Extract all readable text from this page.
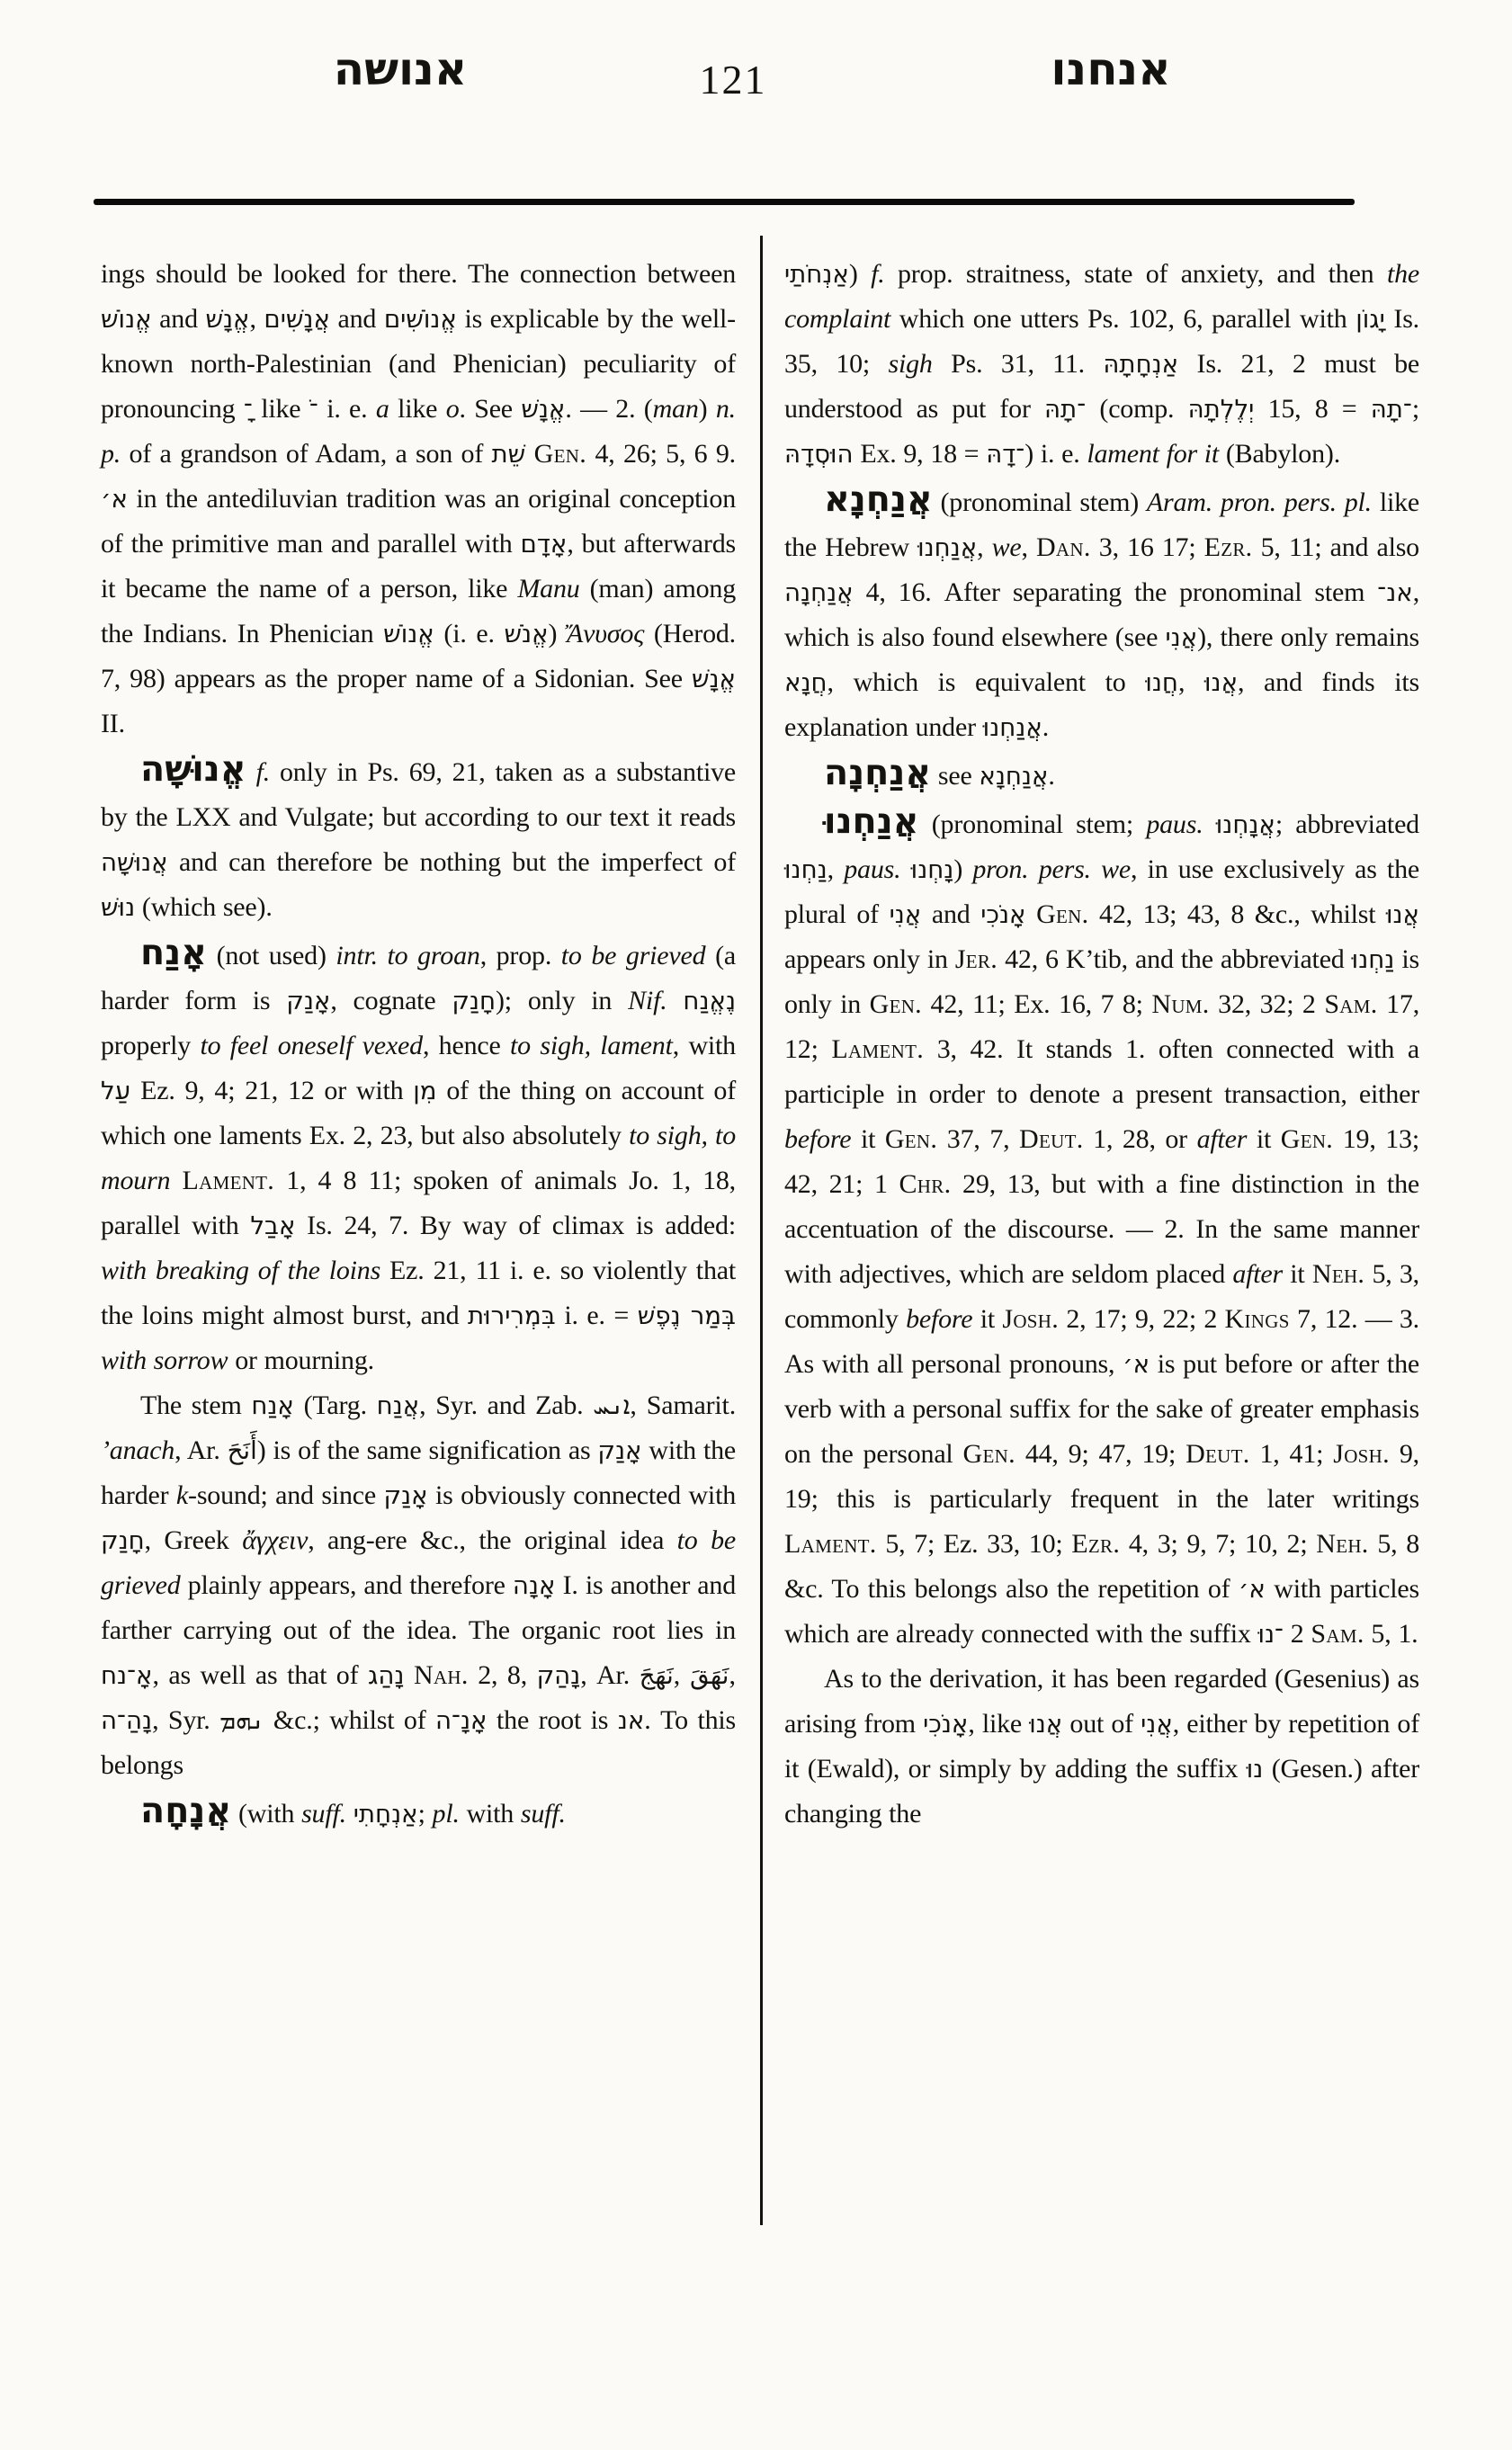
אנושה	121	אנחנו

ings should be looked for there. The connection between אֱנוֹשׁ and אֱנָשׁ, אֲנָשִׁים and אֱנוֹשִׁים is explicable by the well-known north-Palestinian (and Phenician) peculiarity of pronouncing ־ָ like ־ֹ i. e. a like o. See אֱנָשׁ. — 2. (man) n. p. of a grandson of Adam, a son of שֵׁת Gen. 4, 26; 5, 6 9. א׳ in the antediluvian tradition was an original conception of the primitive man and parallel with אָדָם, but afterwards it became the name of a person, like Manu (man) among the Indians. In Phenician אֱנוֹשׁ (i. e. אֱנֹשׁ) Ἄνυσος (Herod. 7, 98) appears as the proper name of a Sidonian. See אֱנָשׁ II.

אֱנוּשָׁה f. only in Ps. 69, 21, taken as a substantive by the LXX and Vulgate; but according to our text it reads אֲנוּשָׁה and can therefore be nothing but the imperfect of נוּשׁ (which see).

אָנַח (not used) intr. to groan, prop. to be grieved (a harder form is אָנַק, cognate חָנַק); only in Nif. נֶאֱנַח properly to feel oneself vexed, hence to sigh, lament, with עַל Ez. 9, 4; 21, 12 or with מִן of the thing on account of which one laments Ex. 2, 23, but also absolutely to sigh, to mourn Lament. 1, 4 8 11; spoken of animals Jo. 1, 18, parallel with אָבַל Is. 24, 7. By way of climax is added: with breaking of the loins Ez. 21, 11 i. e. so violently that the loins might almost burst, and בִּמְרִירוּת i. e. = בְּמַר נֶפֶשׁ with sorrow or mourning.

The stem אָנַח (Targ. אֲנַח, Syr. and Zab. ܐܢܚ, Samarit. ’anach, Ar. أَنَحَ) is of the same signification as אָנַק with the harder k-sound; and since אָנַק is obviously connected with חָנַק, Greek ἄγχειν, ang-ere &c., the original idea to be grieved plainly appears, and therefore אָנָה I. is another and farther carrying out of the idea. The organic root lies in אָ־נח, as well as that of נָהַג Nah. 2, 8, נָהַק, Ar. نَهَجَ, نَهَقَ, נָהַ־ה, Syr. ܢܗܡ &c.; whilst of אָנָ־ה the root is אנ. To this belongs

אֲנָחָה (with suff. אַנְחָתִי; pl. with suff.

אַנְחֹתַי) f. prop. straitness, state of anxiety, and then the complaint which one utters Ps. 102, 6, parallel with יָגוֹן Is. 35, 10; sigh Ps. 31, 11. אַנְחָתָהּ Is. 21, 2 must be understood as put for ־תָהּ (comp. יְלֶלְתָהּ 15, 8 = ־תָהּ; הוּסְדָהּ Ex. 9, 18 = ־דָהּ) i. e. lament for it (Babylon).

אֲנַחְנָא (pronominal stem) Aram. pron. pers. pl. like the Hebrew אֲנַחְנוּ, we, Dan. 3, 16 17; Ezr. 5, 11; and also אֲנַחְנָה 4, 16. After separating the pronominal stem אנ־, which is also found elsewhere (see אֲנִי), there only remains חֲנָא, which is equivalent to חֲנוּ, אֲנוּ, and finds its explanation under אֲנַחְנוּ.

אֲנַחְנָה see אֲנַחְנָא.

אֲנַחְנוּ (pronominal stem; paus. אֲנָחְנוּ; abbreviated נַחְנוּ, paus. נָחְנוּ) pron. pers. we, in use exclusively as the plural of אֲנִי and אָנֹכִי Gen. 42, 13; 43, 8 &c., whilst אֲנוּ appears only in Jer. 42, 6 K’tib, and the abbreviated נַחְנוּ is only in Gen. 42, 11; Ex. 16, 7 8; Num. 32, 32; 2 Sam. 17, 12; Lament. 3, 42. It stands 1. often connected with a participle in order to denote a present transaction, either before it Gen. 37, 7, Deut. 1, 28, or after it Gen. 19, 13; 42, 21; 1 Chr. 29, 13, but with a fine distinction in the accentuation of the discourse. — 2. In the same manner with adjectives, which are seldom placed after it Neh. 5, 3, commonly before it Josh. 2, 17; 9, 22; 2 Kings 7, 12. — 3. As with all personal pronouns, א׳ is put before or after the verb with a personal suffix for the sake of greater emphasis on the personal Gen. 44, 9; 47, 19; Deut. 1, 41; Josh. 9, 19; this is particularly frequent in the later writings Lament. 5, 7; Ez. 33, 10; Ezr. 4, 3; 9, 7; 10, 2; Neh. 5, 8 &c. To this belongs also the repetition of א׳ with particles which are already connected with the suffix ־נוּ 2 Sam. 5, 1.

As to the derivation, it has been regarded (Gesenius) as arising from אָנֹכִי, like אֲנוּ out of אֲנִי, either by repetition of it (Ewald), or simply by adding the suffix נוּ (Gesen.) after changing the
